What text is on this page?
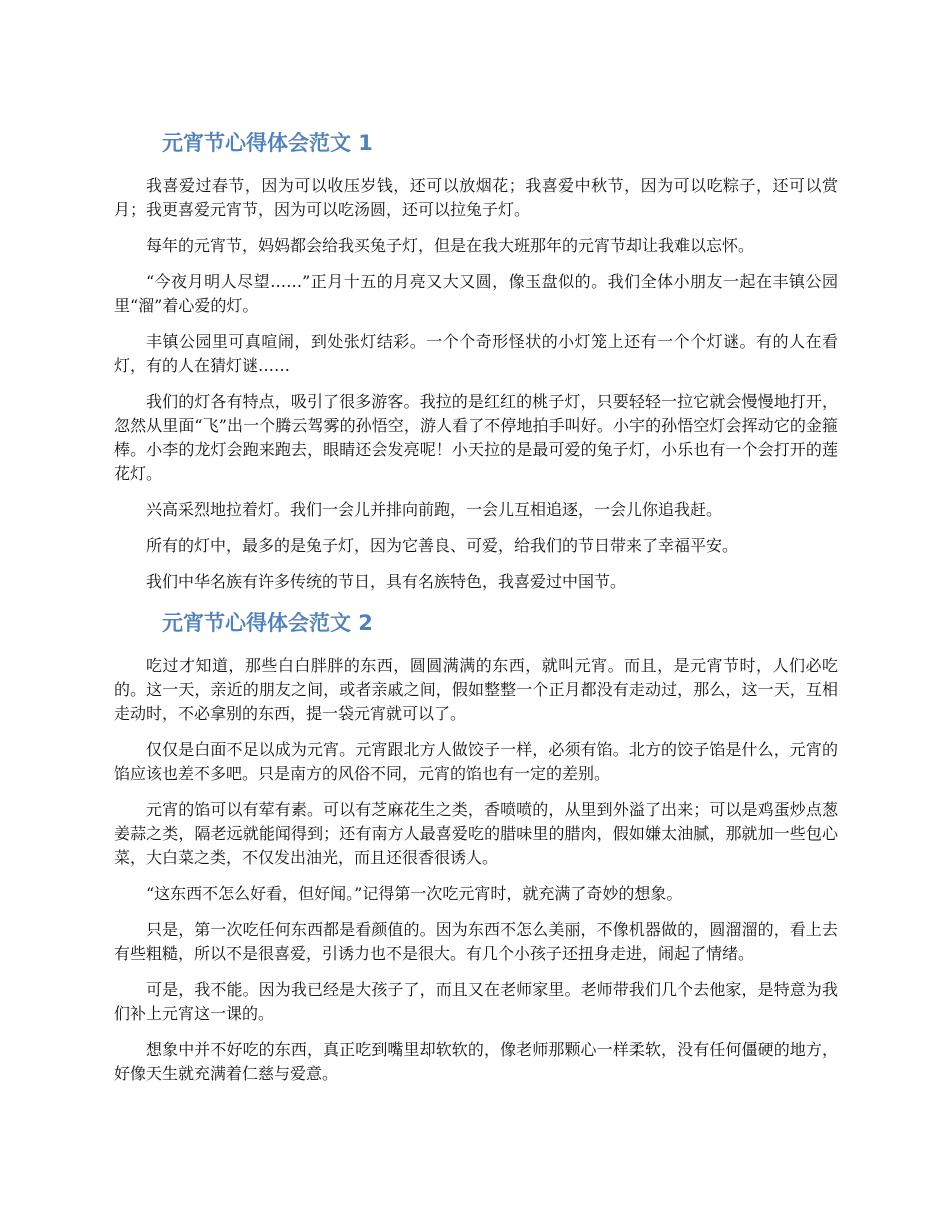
元宵节心得体会范文 1

我喜爱过春节，因为可以收压岁钱，还可以放烟花；我喜爱中秋节，因为可以吃粽子，还可以赏月；我更喜爱元宵节，因为可以吃汤圆，还可以拉兔子灯。

每年的元宵节，妈妈都会给我买兔子灯，但是在我大班那年的元宵节却让我难以忘怀。

“今夜月明人尽望……”正月十五的月亮又大又圆，像玉盘似的。我们全体小朋友一起在丰镇公园里“溜”着心爱的灯。

丰镇公园里可真喧闹，到处张灯结彩。一个个奇形怪状的小灯笼上还有一个个灯谜。有的人在看灯，有的人在猜灯谜……

我们的灯各有特点，吸引了很多游客。我拉的是红红的桃子灯，只要轻轻一拉它就会慢慢地打开，忽然从里面“飞”出一个腾云驾雾的孙悟空，游人看了不停地拍手叫好。小宇的孙悟空灯会挥动它的金箍棒。小李的龙灯会跑来跑去，眼睛还会发亮呢！小天拉的是最可爱的兔子灯，小乐也有一个会打开的莲花灯。

兴高采烈地拉着灯。我们一会儿并排向前跑，一会儿互相追逐，一会儿你追我赶。

所有的灯中，最多的是兔子灯，因为它善良、可爱，给我们的节日带来了幸福平安。

我们中华名族有许多传统的节日，具有名族特色，我喜爱过中国节。

元宵节心得体会范文 2

吃过才知道，那些白白胖胖的东西，圆圆满满的东西，就叫元宵。而且，是元宵节时，人们必吃的。这一天，亲近的朋友之间，或者亲戚之间，假如整整一个正月都没有走动过，那么，这一天，互相走动时，不必拿别的东西，提一袋元宵就可以了。

仅仅是白面不足以成为元宵。元宵跟北方人做饺子一样，必须有馅。北方的饺子馅是什么，元宵的馅应该也差不多吧。只是南方的风俗不同，元宵的馅也有一定的差别。

元宵的馅可以有荤有素。可以有芝麻花生之类，香喷喷的，从里到外溢了出来；可以是鸡蛋炒点葱姜蒜之类，隔老远就能闻得到；还有南方人最喜爱吃的腊味里的腊肉，假如嫌太油腻，那就加一些包心菜，大白菜之类，不仅发出油光，而且还很香很诱人。

“这东西不怎么好看，但好闻。”记得第一次吃元宵时，就充满了奇妙的想象。

只是，第一次吃任何东西都是看颜值的。因为东西不怎么美丽，不像机器做的，圆溜溜的，看上去有些粗糙，所以不是很喜爱，引诱力也不是很大。有几个小孩子还扭身走进，闹起了情绪。

可是，我不能。因为我已经是大孩子了，而且又在老师家里。老师带我们几个去他家，是特意为我们补上元宵这一课的。

想象中并不好吃的东西，真正吃到嘴里却软软的，像老师那颗心一样柔软，没有任何僵硬的地方，好像天生就充满着仁慈与爱意。
